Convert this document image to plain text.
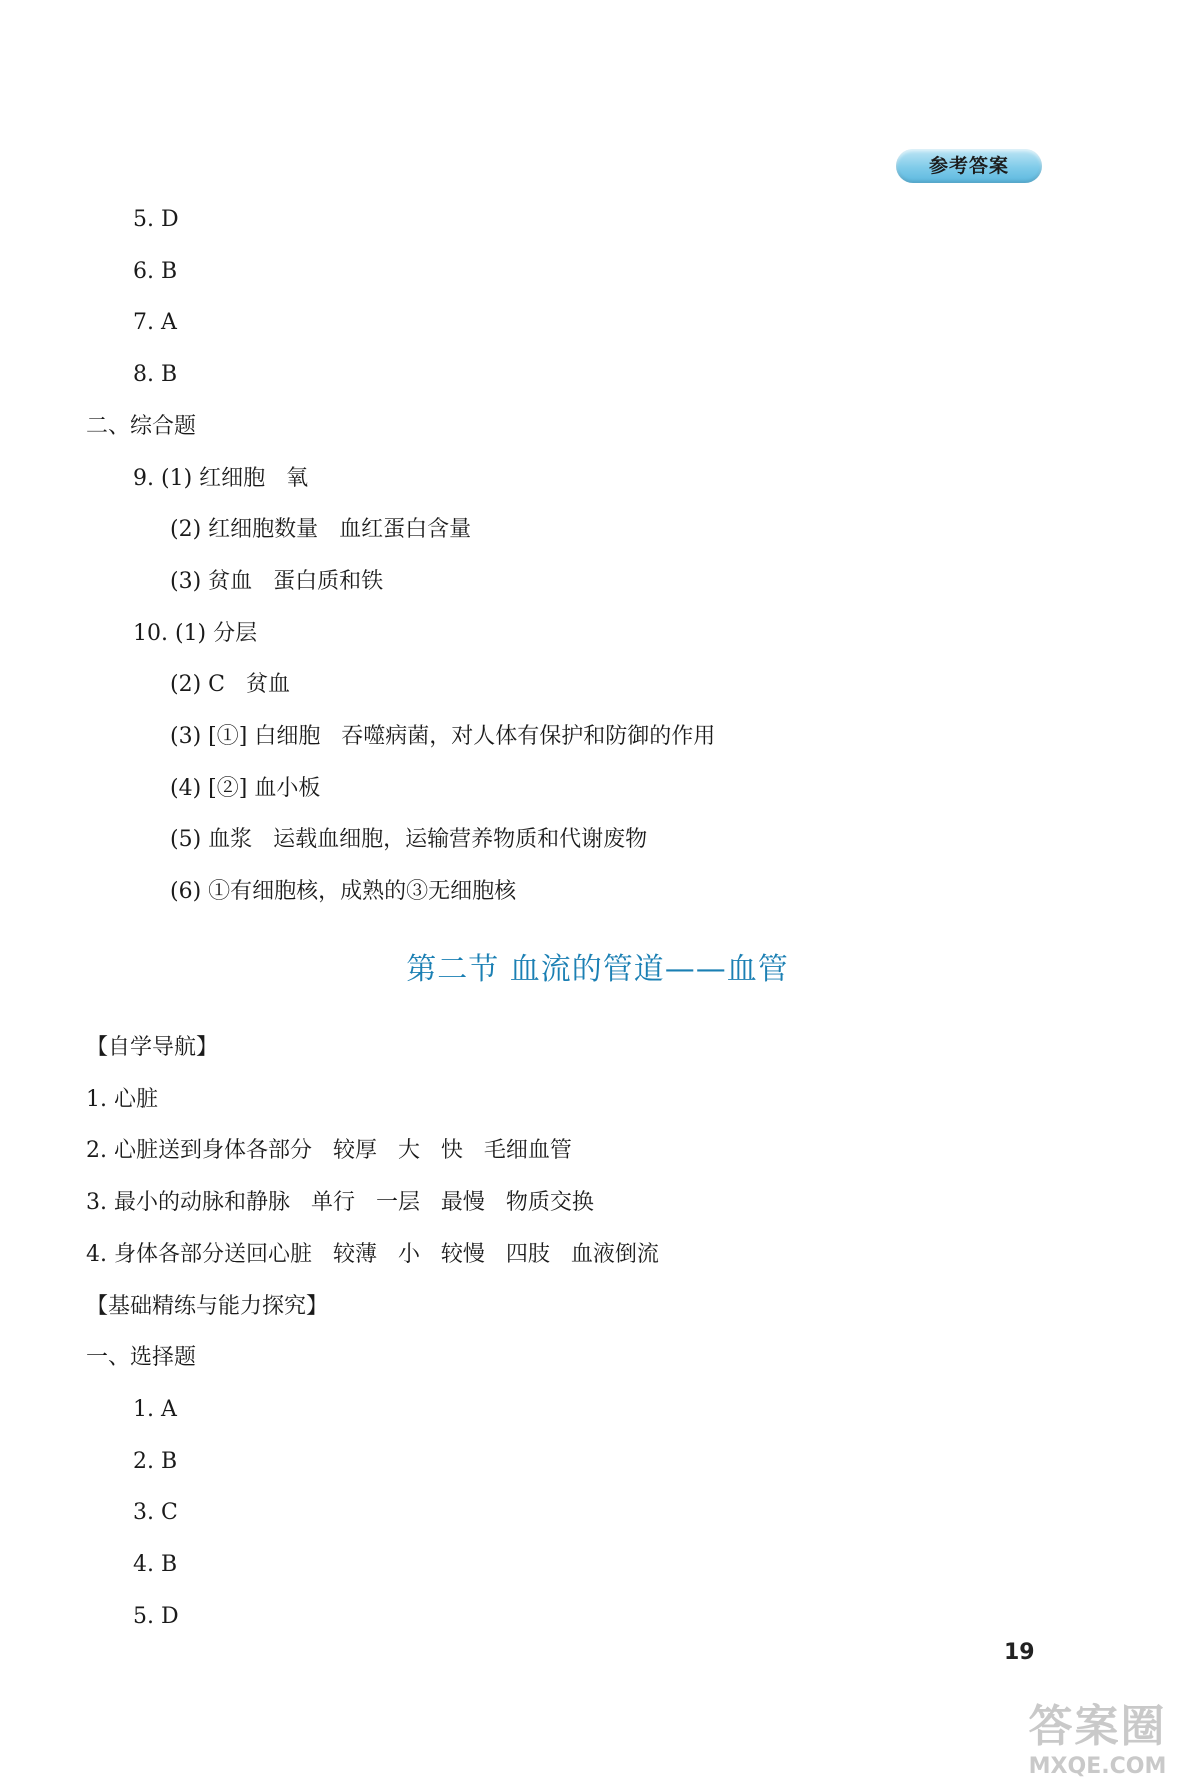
参考答案
5. D
6. B
7. A
8. B
二、综合题
9. (1) 红细胞   氧
(2) 红细胞数量   血红蛋白含量
(3) 贫血   蛋白质和铁
10. (1) 分层
(2) C   贫血
(3) [①] 白细胞   吞噬病菌，对人体有保护和防御的作用
(4) [②] 血小板
(5) 血浆   运载血细胞，运输营养物质和代谢废物
(6) ①有细胞核，成熟的③无细胞核
第二节 血流的管道——血管
【自学导航】
1. 心脏
2. 心脏送到身体各部分   较厚   大   快   毛细血管
3. 最小的动脉和静脉   单行   一层   最慢   物质交换
4. 身体各部分送回心脏   较薄   小   较慢   四肢   血液倒流
【基础精练与能力探究】
一、选择题
1. A
2. B
3. C
4. B
5. D
19
答案圈
MXQE.COM
